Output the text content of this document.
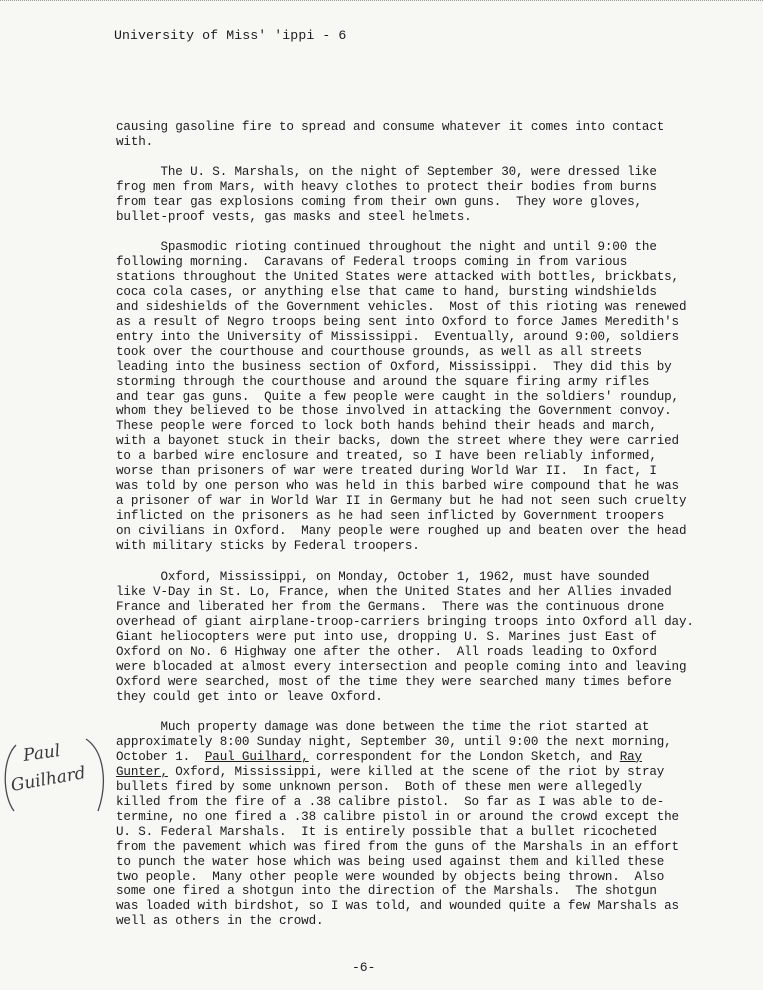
University of Miss' 'ippi - 6
causing gasoline fire to spread and consume whatever it comes into contact
with.
The U. S. Marshals, on the night of September 30, were dressed like
frog men from Mars, with heavy clothes to protect their bodies from burns
from tear gas explosions coming from their own guns.  They wore gloves,
bullet-proof vests, gas masks and steel helmets.
Spasmodic rioting continued throughout the night and until 9:00 the
following morning.  Caravans of Federal troops coming in from various
stations throughout the United States were attacked with bottles, brickbats,
coca cola cases, or anything else that came to hand, bursting windshields
and sideshields of the Government vehicles.  Most of this rioting was renewed
as a result of Negro troops being sent into Oxford to force James Meredith's
entry into the University of Mississippi.  Eventually, around 9:00, soldiers
took over the courthouse and courthouse grounds, as well as all streets
leading into the business section of Oxford, Mississippi.  They did this by
storming through the courthouse and around the square firing army rifles
and tear gas guns.  Quite a few people were caught in the soldiers' roundup,
whom they believed to be those involved in attacking the Government convoy.
These people were forced to lock both hands behind their heads and march,
with a bayonet stuck in their backs, down the street where they were carried
to a barbed wire enclosure and treated, so I have been reliably informed,
worse than prisoners of war were treated during World War II.  In fact, I
was told by one person who was held in this barbed wire compound that he was
a prisoner of war in World War II in Germany but he had not seen such cruelty
inflicted on the prisoners as he had seen inflicted by Government troopers
on civilians in Oxford.  Many people were roughed up and beaten over the head
with military sticks by Federal troopers.
Oxford, Mississippi, on Monday, October 1, 1962, must have sounded
like V-Day in St. Lo, France, when the United States and her Allies invaded
France and liberated her from the Germans.  There was the continuous drone
overhead of giant airplane-troop-carriers bringing troops into Oxford all day.
Giant heliocopters were put into use, dropping U. S. Marines just East of
Oxford on No. 6 Highway one after the other.  All roads leading to Oxford
were blocaded at almost every intersection and people coming into and leaving
Oxford were searched, most of the time they were searched many times before
they could get into or leave Oxford.
Much property damage was done between the time the riot started at
approximately 8:00 Sunday night, September 30, until 9:00 the next morning,
October 1.  Paul Guilhard, correspondent for the London Sketch, and Ray
Gunter, Oxford, Mississippi, were killed at the scene of the riot by stray
bullets fired by some unknown person.  Both of these men were allegedly
killed from the fire of a .38 calibre pistol.  So far as I was able to de-
termine, no one fired a .38 calibre pistol in or around the crowd except the
U. S. Federal Marshals.  It is entirely possible that a bullet ricocheted
from the pavement which was fired from the guns of the Marshals in an effort
to punch the water hose which was being used against them and killed these
two people.  Many other people were wounded by objects being thrown.  Also
some one fired a shotgun into the direction of the Marshals.  The shotgun
was loaded with birdshot, so I was told, and wounded quite a few Marshals as
well as others in the crowd.
Paul
Guilhard
-6-
